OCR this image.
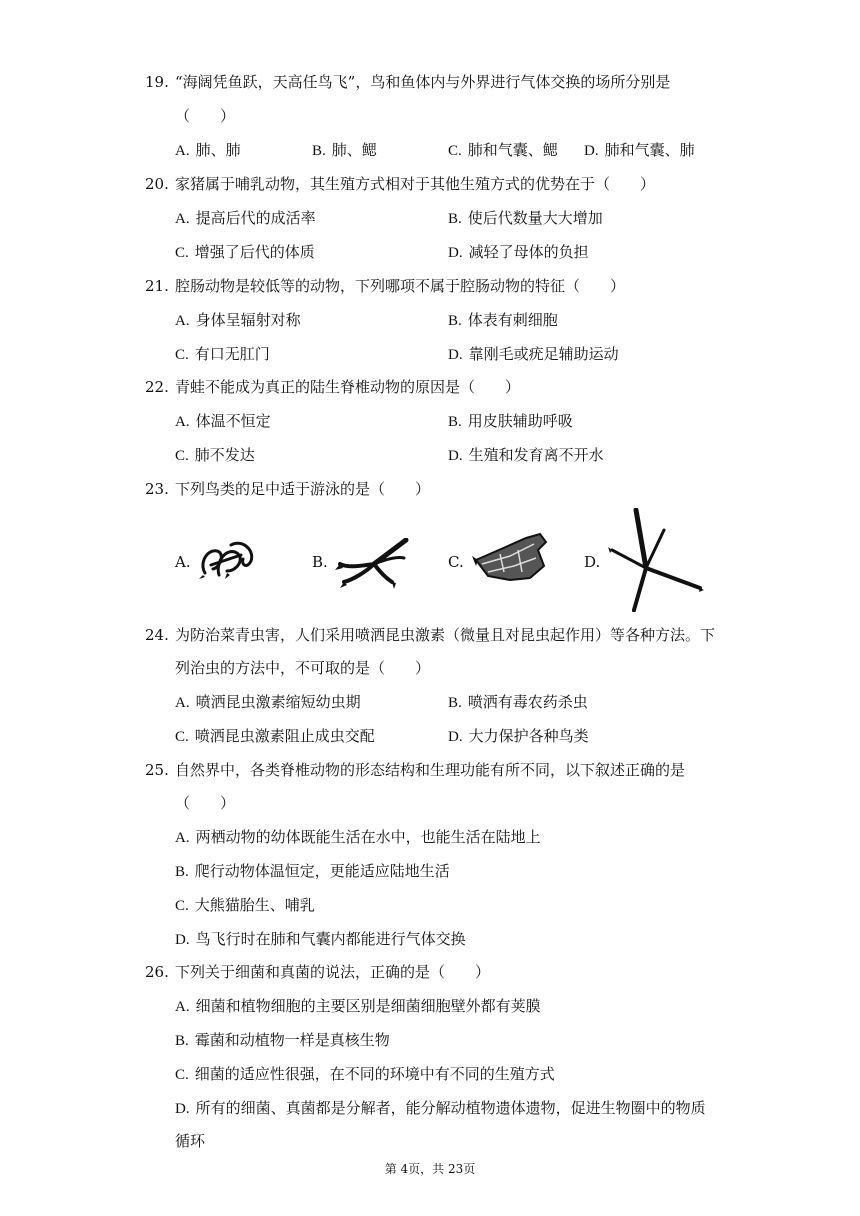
19. “海阔凭鱼跃，天高任鸟飞”，鸟和鱼体内与外界进行气体交换的场所分别是
（　　）
A. 肺、肺	B. 肺、鳃	C. 肺和气囊、鳃 D. 肺和气囊、肺
20. 家猪属于哺乳动物，其生殖方式相对于其他生殖方式的优势在于（　　）
A. 提高后代的成活率	B. 使后代数量大大增加
C. 增强了后代的体质	D. 减轻了母体的负担
21. 腔肠动物是较低等的动物，下列哪项不属于腔肠动物的特征（　　）
A. 身体呈辐射对称	B. 体表有刺细胞
C. 有口无肛门	D. 靠刚毛或疣足辅助运动
22. 青蛙不能成为真正的陆生脊椎动物的原因是（　　）
A. 体温不恒定	B. 用皮肤辅助呼吸
C. 肺不发达	D. 生殖和发育离不开水
23. 下列鸟类的足中适于游泳的是（　　）
A.	B.	C.	D.
24. 为防治菜青虫害，人们采用喷洒昆虫激素（微量且对昆虫起作用）等各种方法。下
列治虫的方法中，不可取的是（　　）
A. 喷洒昆虫激素缩短幼虫期	B. 喷洒有毒农药杀虫
C. 喷洒昆虫激素阻止成虫交配	D. 大力保护各种鸟类
25. 自然界中，各类脊椎动物的形态结构和生理功能有所不同，以下叙述正确的是
（　　）
A. 两栖动物的幼体既能生活在水中，也能生活在陆地上
B. 爬行动物体温恒定，更能适应陆地生活
C. 大熊猫胎生、哺乳
D. 鸟飞行时在肺和气囊内都能进行气体交换
26. 下列关于细菌和真菌的说法，正确的是（　　）
A. 细菌和植物细胞的主要区别是细菌细胞壁外都有荚膜
B. 霉菌和动植物一样是真核生物
C. 细菌的适应性很强，在不同的环境中有不同的生殖方式
D. 所有的细菌、真菌都是分解者，能分解动植物遗体遗物，促进生物圈中的物质
循环
第 4页，共 23页
